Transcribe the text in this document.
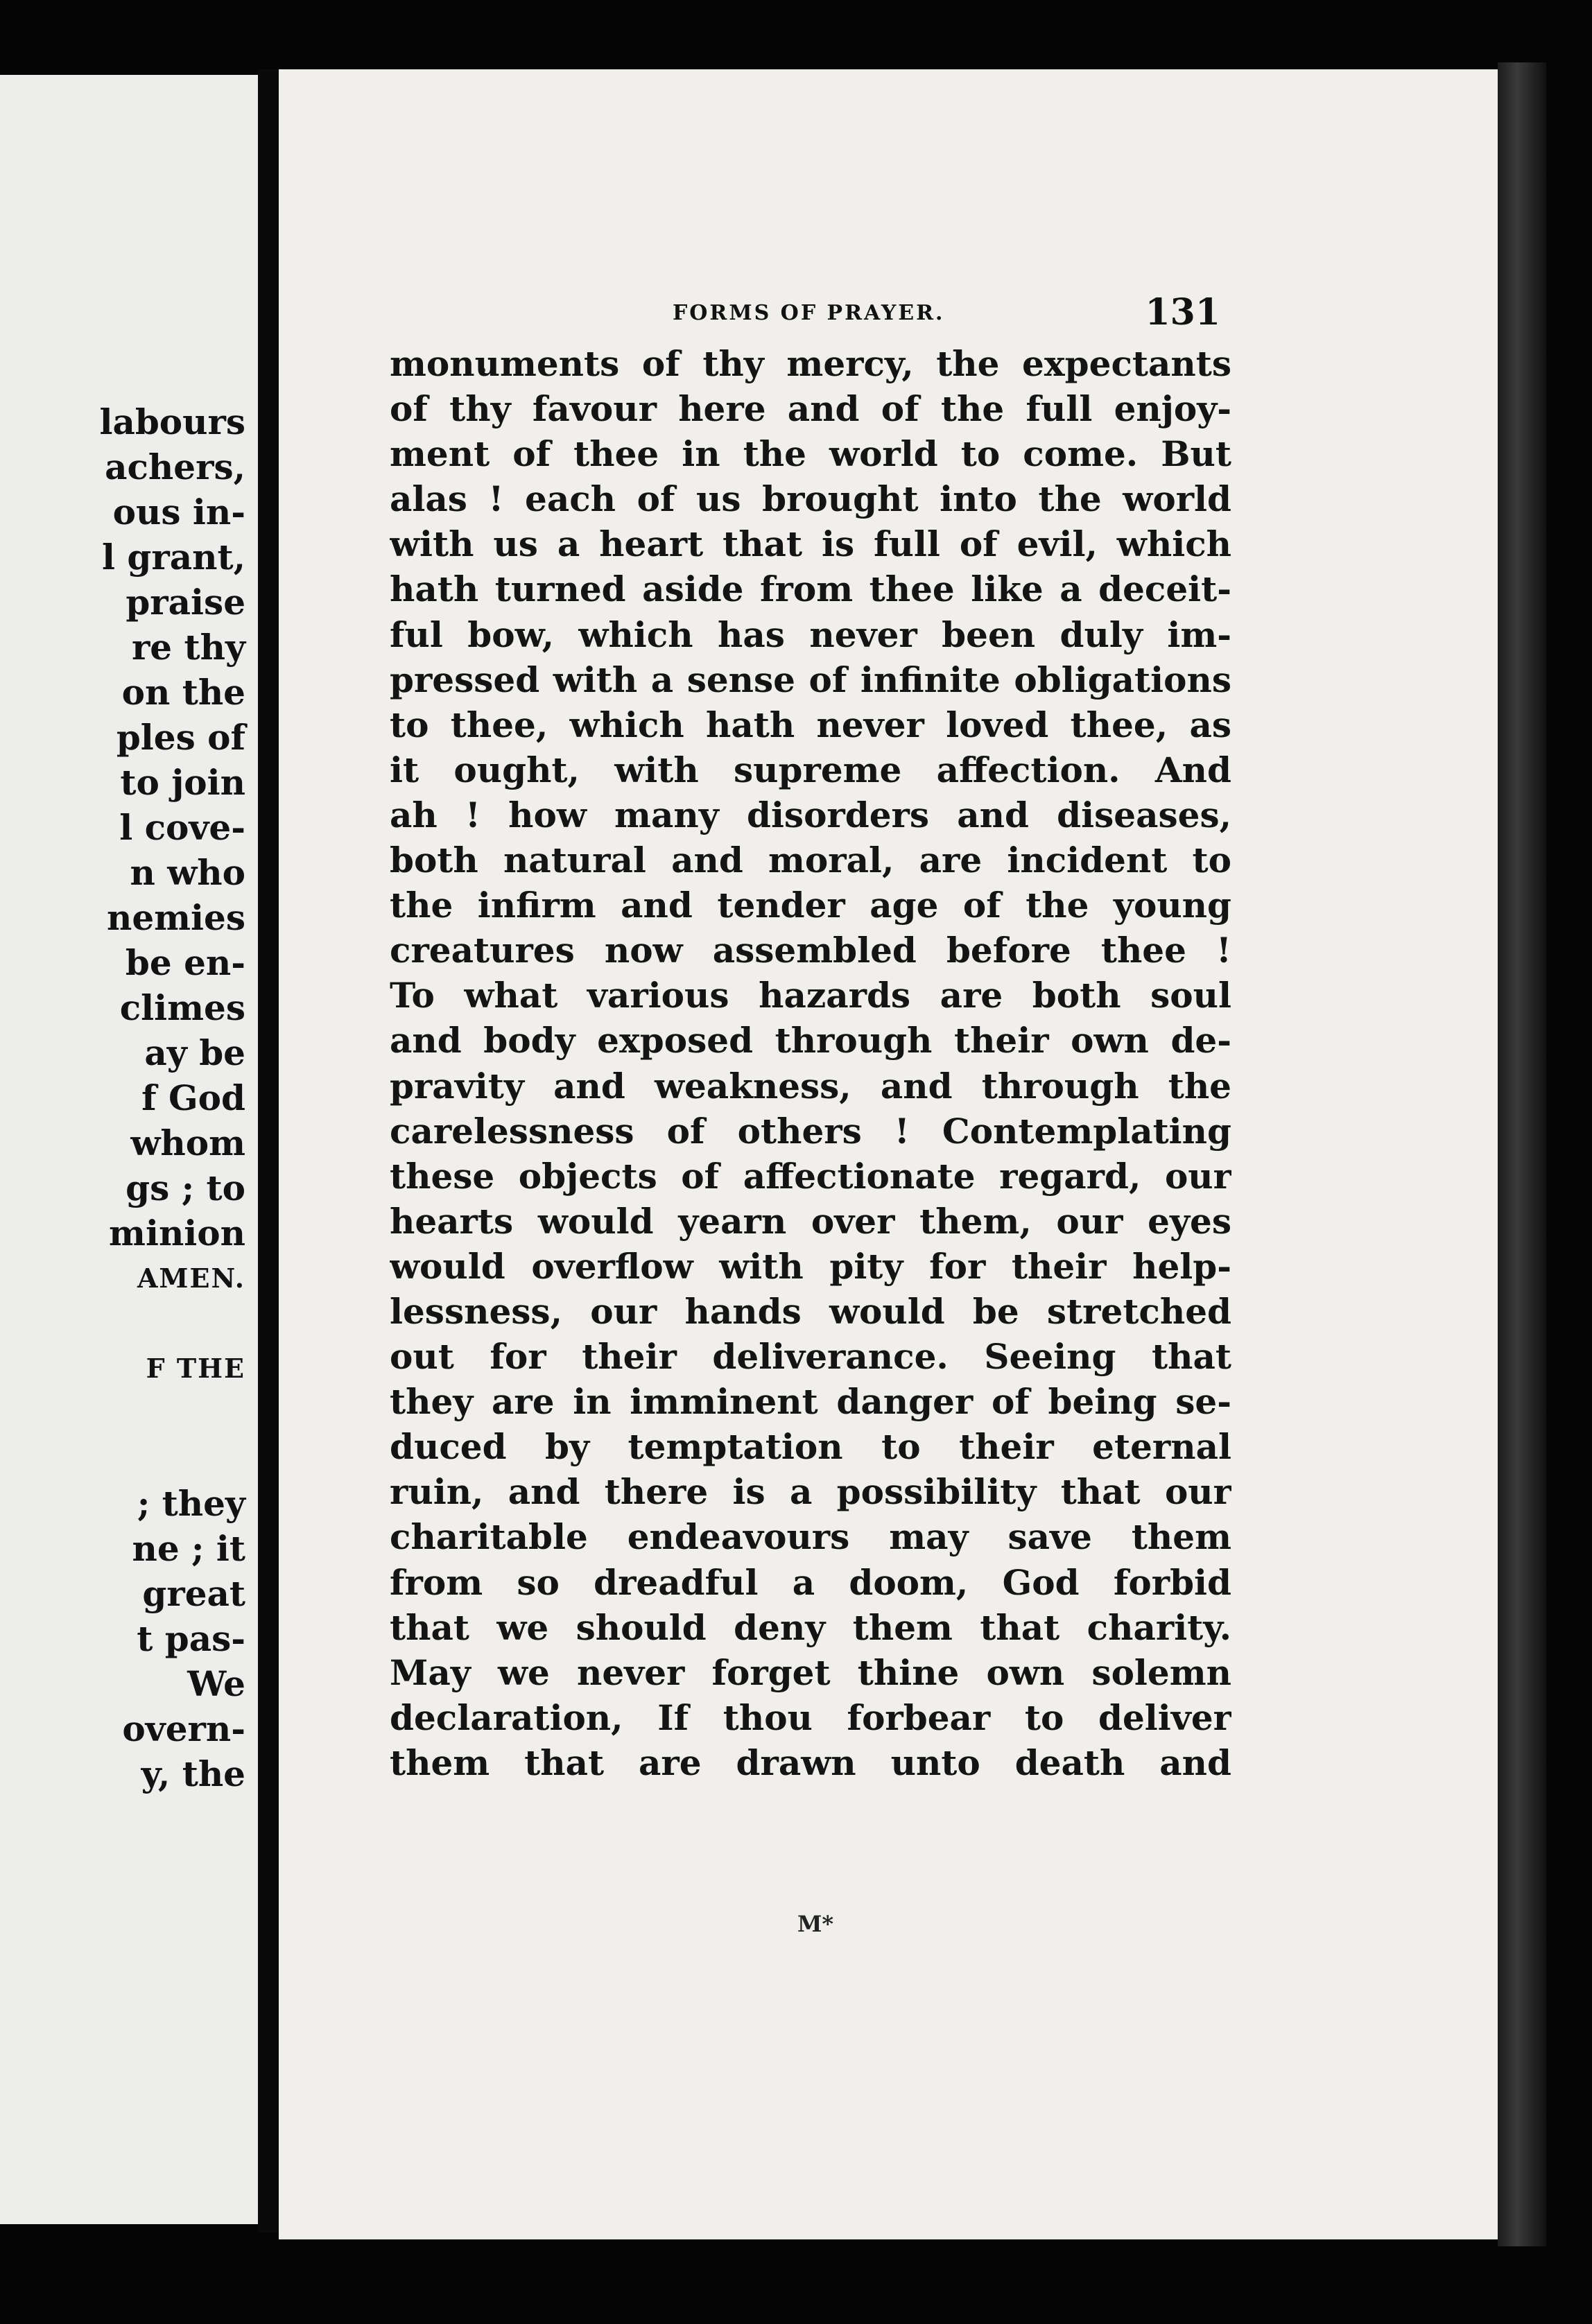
labours
achers,
ous in-
l grant,
praise
re thy
on the
ples of
to join
l cove-
n who
nemies
be en-
climes
ay be
f God
whom
gs ; to
minion
AMEN.
F THE
; they
ne ; it
great
t pas-
We
overn-
y, the
FORMS OF PRAYER.	131
monuments of thy mercy, the expectants
of thy favour here and of the full enjoy-
ment of thee in the world to come. But
alas ! each of us brought into the world
with us a heart that is full of evil, which
hath turned aside from thee like a deceit-
ful bow, which has never been duly im-
pressed with a sense of infinite obligations
to thee, which hath never loved thee, as
it ought, with supreme affection. And
ah ! how many disorders and diseases,
both natural and moral, are incident to
the infirm and tender age of the young
creatures now assembled before thee !
To what various hazards are both soul
and body exposed through their own de-
pravity and weakness, and through the
carelessness of others ! Contemplating
these objects of affectionate regard, our
hearts would yearn over them, our eyes
would overflow with pity for their help-
lessness, our hands would be stretched
out for their deliverance. Seeing that
they are in imminent danger of being se-
duced by temptation to their eternal
ruin, and there is a possibility that our
charitable endeavours may save them
from so dreadful a doom, God forbid
that we should deny them that charity.
May we never forget thine own solemn
declaration, If thou forbear to deliver
them that are drawn unto death and
M*
